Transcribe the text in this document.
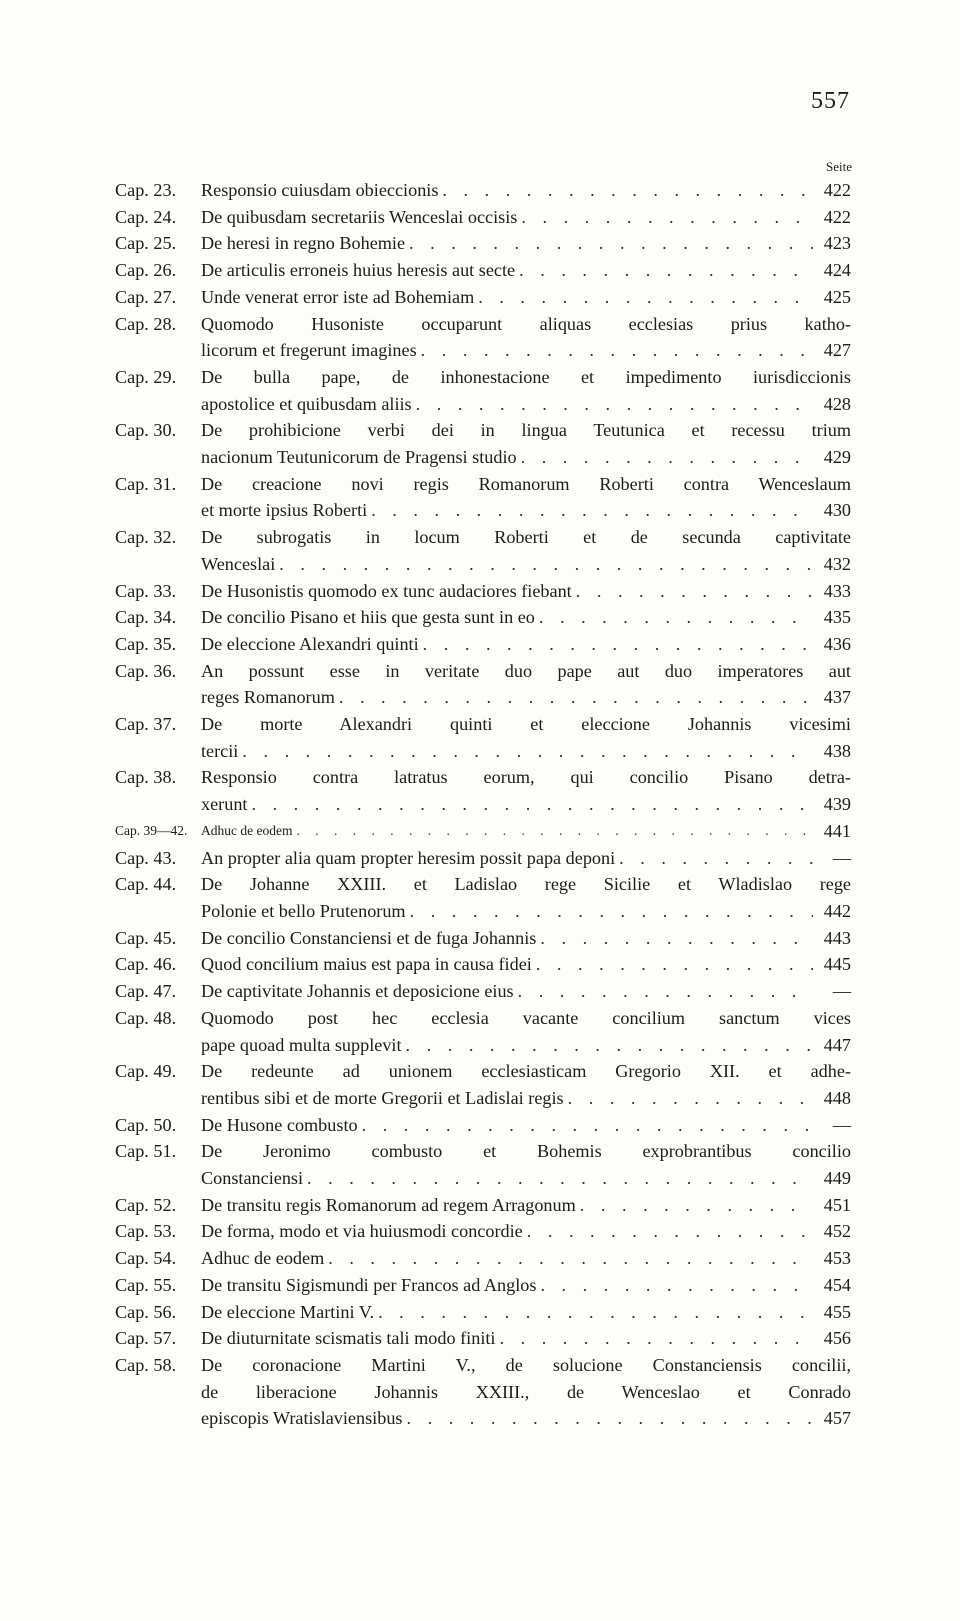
557
Seite
Cap. 23.	Responsio cuiusdam obieccionis . . .	422
Cap. 24.	De quibusdam secretariis Wenceslai occisis . . .	422
Cap. 25.	De heresi in regno Bohemie . . .	423
Cap. 26.	De articulis erroneis huius heresis aut secte . . .	424
Cap. 27.	Unde venerat error iste ad Bohemiam . . .	425
Cap. 28.	Quomodo Husoniste occuparunt aliquas ecclesias prius katho-
licorum et fregerunt imagines . . .	427
Cap. 29.	De bulla pape, de inhonestacione et impedimento iurisdiccionis
apostolice et quibusdam aliis . . .	428
Cap. 30.	De prohibicione verbi dei in lingua Teutunica et recessu trium
nacionum Teutunicorum de Pragensi studio . . .	429
Cap. 31.	De creacione novi regis Romanorum Roberti contra Wenceslaum
et morte ipsius Roberti . . .	430
Cap. 32.	De subrogatis in locum Roberti et de secunda captivitate
Wenceslai . . .	432
Cap. 33.	De Husonistis quomodo ex tunc audaciores fiebant . . .	433
Cap. 34.	De concilio Pisano et hiis que gesta sunt in eo . . .	435
Cap. 35.	De eleccione Alexandri quinti . . .	436
Cap. 36.	An possunt esse in veritate duo pape aut duo imperatores aut
reges Romanorum . . .	437
Cap. 37.	De morte Alexandri quinti et eleccione Johannis vicesimi
tercii . . .	438
Cap. 38.	Responsio contra latratus eorum, qui concilio Pisano detra-
xerunt . . .	439
Cap. 39—42.	Adhuc de eodem . . .	441
Cap. 43.	An propter alia quam propter heresim possit papa deponi . . .	—
Cap. 44.	De Johanne XXIII. et Ladislao rege Sicilie et Wladislao rege
Polonie et bello Prutenorum . . .	442
Cap. 45.	De concilio Constanciensi et de fuga Johannis . . .	443
Cap. 46.	Quod concilium maius est papa in causa fidei . . .	445
Cap. 47.	De captivitate Johannis et deposicione eius . . .	—
Cap. 48.	Quomodo post hec ecclesia vacante concilium sanctum vices
pape quoad multa supplevit . . .	447
Cap. 49.	De redeunte ad unionem ecclesiasticam Gregorio XII. et adhe-
rentibus sibi et de morte Gregorii et Ladislai regis . . .	448
Cap. 50.	De Husone combusto . . .	—
Cap. 51.	De Jeronimo combusto et Bohemis exprobrantibus concilio
Constanciensi . . .	449
Cap. 52.	De transitu regis Romanorum ad regem Arragonum . . .	451
Cap. 53.	De forma, modo et via huiusmodi concordie . . .	452
Cap. 54.	Adhuc de eodem . . .	453
Cap. 55.	De transitu Sigismundi per Francos ad Anglos . . .	454
Cap. 56.	De eleccione Martini V. . . .	455
Cap. 57.	De diuturnitate scismatis tali modo finiti . . .	456
Cap. 58.	De coronacione Martini V., de solucione Constanciensis concilii,
de liberacione Johannis XXIII., de Wenceslao et Conrado
episcopis Wratislaviensibus . . .	457
